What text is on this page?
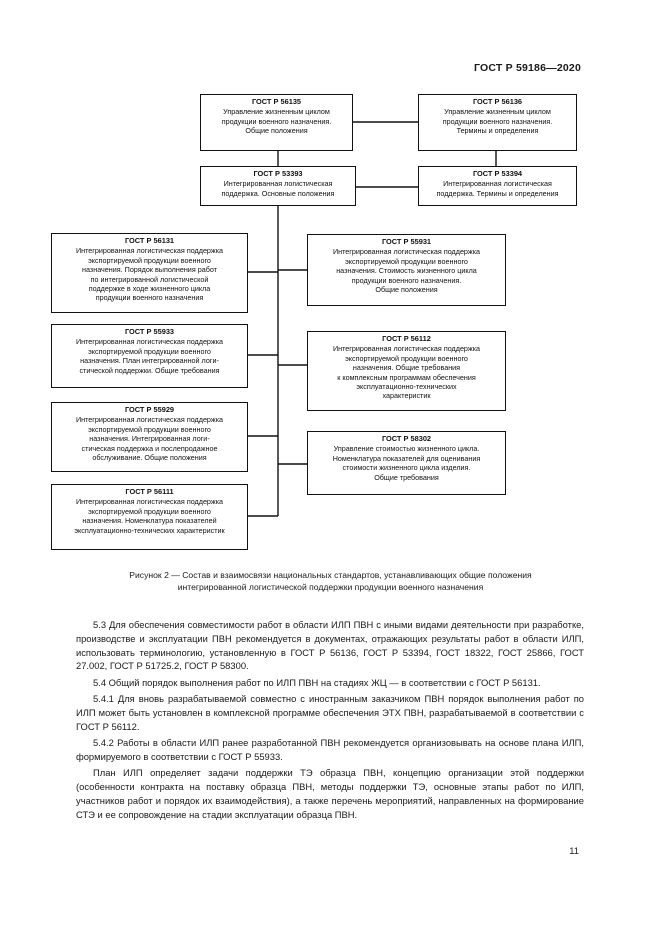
ГОСТ Р 59186—2020
ГОСТ Р 56135
Управление жизненным циклом
продукции военного назначения.
Общие положения
ГОСТ Р 56136
Управление жизненным циклом
продукции военного назначения.
Термины и определения
ГОСТ Р 53393
Интегрированная логистическая
поддержка. Основные положения
ГОСТ Р 53394
Интегрированная логистическая
поддержка. Термины и определения
ГОСТ Р 56131
Интегрированная логистическая поддержка
экспортируемой продукции военного
назначения. Порядок выполнения работ
по интегрированной логистической
поддержке в ходе жизненного цикла
продукции военного назначения
ГОСТ Р 55931
Интегрированная логистическая поддержка
экспортируемой продукции военного
назначения. Стоимость жизненного цикла
продукции военного назначения.
Общие положения
ГОСТ Р 55933
Интегрированная логистическая поддержка
экспортируемой продукции военного
назначения. План интегрированной логи-
стической поддержки. Общие требования
ГОСТ Р 56112
Интегрированная логистическая поддержка
экспортируемой продукции военного
назначения. Общие требования
к комплексным программам обеспечения
эксплуатационно-технических
характеристик
ГОСТ Р 55929
Интегрированная логистическая поддержка
экспортируемой продукции военного
назначения. Интегрированная логи-
стическая поддержка и послепродажное
обслуживание. Общие положения
ГОСТ Р 58302
Управление стоимостью жизненного цикла.
Номенклатура показателей для оценивания
стоимости жизненного цикла изделия.
Общие требования
ГОСТ Р 56111
Интегрированная логистическая поддержка
экспортируемой продукции военного
назначения. Номенклатура показателей
эксплуатационно-технических характеристик
Рисунок 2 — Состав и взаимосвязи национальных стандартов, устанавливающих общие положения
интегрированной логистической поддержки продукции военного назначения

5.3 Для обеспечения совместимости работ в области ИЛП ПВН с иными видами деятельности при разработке, производстве и эксплуатации ПВН рекомендуется в документах, отражающих результаты работ в области ИЛП, использовать терминологию, установленную в ГОСТ Р 56136, ГОСТ Р 53394, ГОСТ 18322, ГОСТ 25866, ГОСТ 27.002, ГОСТ Р 51725.2, ГОСТ Р 58300.

5.4 Общий порядок выполнения работ по ИЛП ПВН на стадиях ЖЦ — в соответствии с ГОСТ Р 56131.

5.4.1 Для вновь разрабатываемой совместно с иностранным заказчиком ПВН порядок выполнения работ по ИЛП может быть установлен в комплексной программе обеспечения ЭТХ ПВН, разрабатываемой в соответствии с ГОСТ Р 56112.

5.4.2 Работы в области ИЛП ранее разработанной ПВН рекомендуется организовывать на основе плана ИЛП, формируемого в соответствии с ГОСТ Р 55933.

План ИЛП определяет задачи поддержки ТЭ образца ПВН, концепцию организации этой поддержки (особенности контракта на поставку образца ПВН, методы поддержки ТЭ, основные этапы работ по ИЛП, участников работ и порядок их взаимодействия), а также перечень мероприятий, направленных на формирование СТЭ и ее сопровождение на стадии эксплуатации образца ПВН.

11
